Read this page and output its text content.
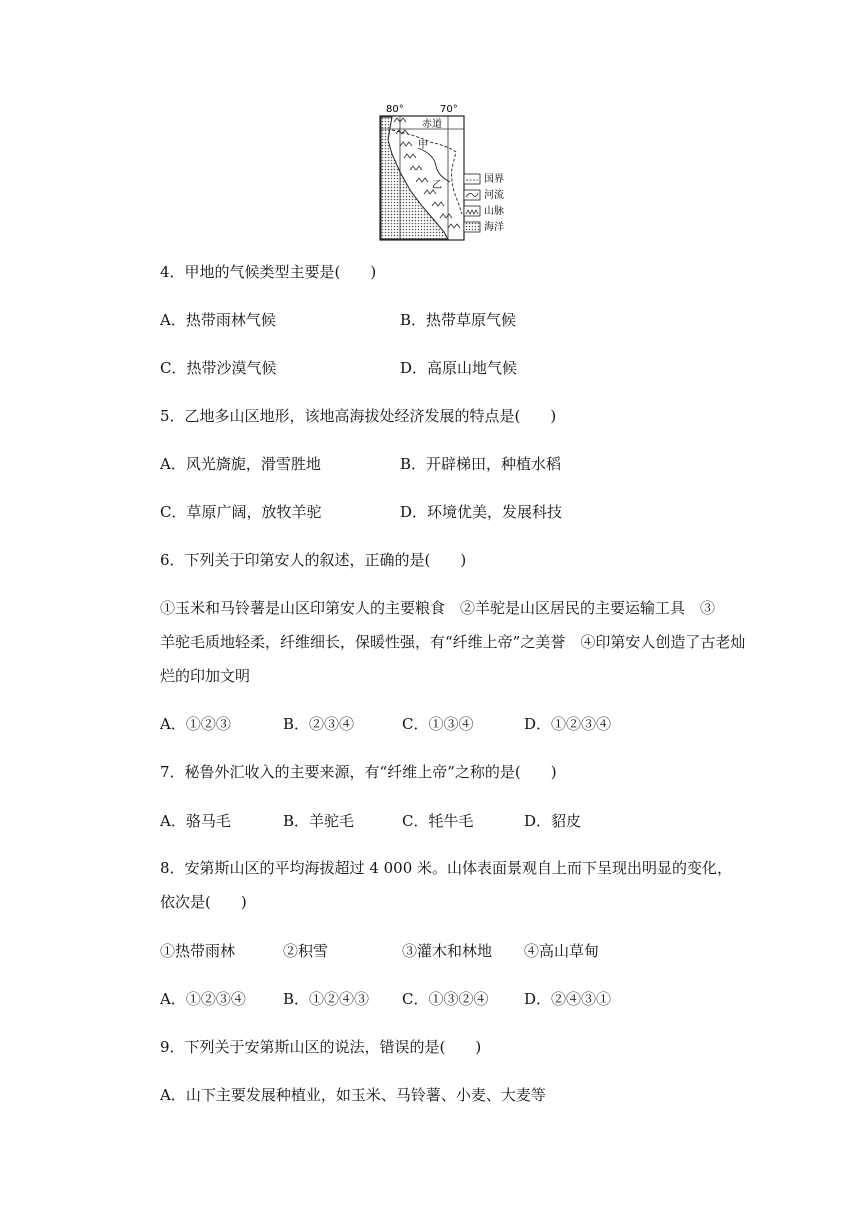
80°	70°
赤道
甲
乙
国界
河流
山脉
海洋
4．甲地的气候类型主要是(　　)
A．热带雨林气候	B．热带草原气候
C．热带沙漠气候	D．高原山地气候
5．乙地多山区地形，该地高海拔处经济发展的特点是(　　)
A．风光旖旎，滑雪胜地	B．开辟梯田，种植水稻
C．草原广阔，放牧羊驼	D．环境优美，发展科技
6．下列关于印第安人的叙述，正确的是(　　)
①玉米和马铃薯是山区印第安人的主要粮食　②羊驼是山区居民的主要运输工具　③
羊驼毛质地轻柔，纤维细长，保暖性强，有“纤维上帝”之美誉　④印第安人创造了古老灿
烂的印加文明
A．①②③	B．②③④	C．①③④	D．①②③④
7．秘鲁外汇收入的主要来源，有“纤维上帝”之称的是(　　)
A．骆马毛	B．羊驼毛	C．牦牛毛	D．貂皮
8．安第斯山区的平均海拔超过 4 000 米。山体表面景观自上而下呈现出明显的变化，
依次是(　　)
①热带雨林	②积雪	③灌木和林地 ④高山草甸
A．①②③④ B．①②④③ C．①③②④ D．②④③①
9．下列关于安第斯山区的说法，错误的是(　　)
A．山下主要发展种植业，如玉米、马铃薯、小麦、大麦等
